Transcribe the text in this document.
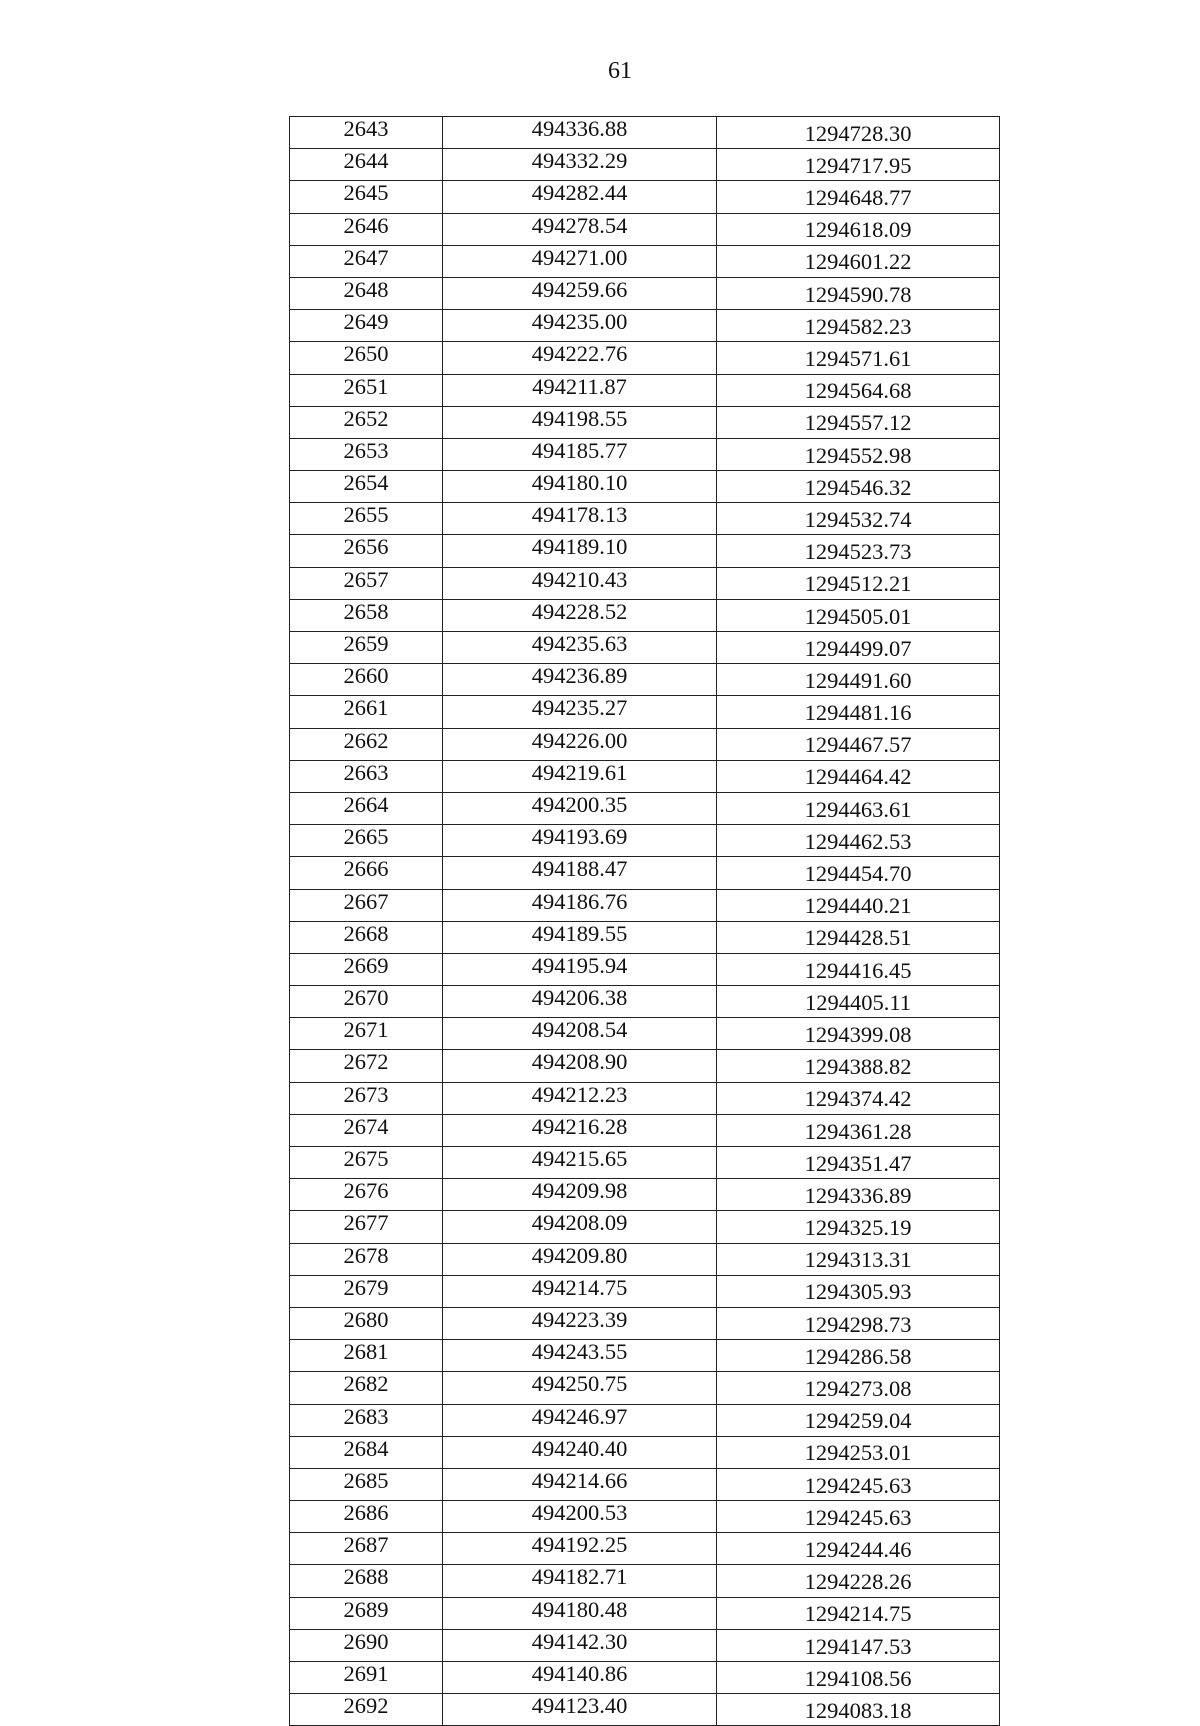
61
2643	494336.88	1294728.30
2644	494332.29	1294717.95
2645	494282.44	1294648.77
2646	494278.54	1294618.09
2647	494271.00	1294601.22
2648	494259.66	1294590.78
2649	494235.00	1294582.23
2650	494222.76	1294571.61
2651	494211.87	1294564.68
2652	494198.55	1294557.12
2653	494185.77	1294552.98
2654	494180.10	1294546.32
2655	494178.13	1294532.74
2656	494189.10	1294523.73
2657	494210.43	1294512.21
2658	494228.52	1294505.01
2659	494235.63	1294499.07
2660	494236.89	1294491.60
2661	494235.27	1294481.16
2662	494226.00	1294467.57
2663	494219.61	1294464.42
2664	494200.35	1294463.61
2665	494193.69	1294462.53
2666	494188.47	1294454.70
2667	494186.76	1294440.21
2668	494189.55	1294428.51
2669	494195.94	1294416.45
2670	494206.38	1294405.11
2671	494208.54	1294399.08
2672	494208.90	1294388.82
2673	494212.23	1294374.42
2674	494216.28	1294361.28
2675	494215.65	1294351.47
2676	494209.98	1294336.89
2677	494208.09	1294325.19
2678	494209.80	1294313.31
2679	494214.75	1294305.93
2680	494223.39	1294298.73
2681	494243.55	1294286.58
2682	494250.75	1294273.08
2683	494246.97	1294259.04
2684	494240.40	1294253.01
2685	494214.66	1294245.63
2686	494200.53	1294245.63
2687	494192.25	1294244.46
2688	494182.71	1294228.26
2689	494180.48	1294214.75
2690	494142.30	1294147.53
2691	494140.86	1294108.56
2692	494123.40	1294083.18
